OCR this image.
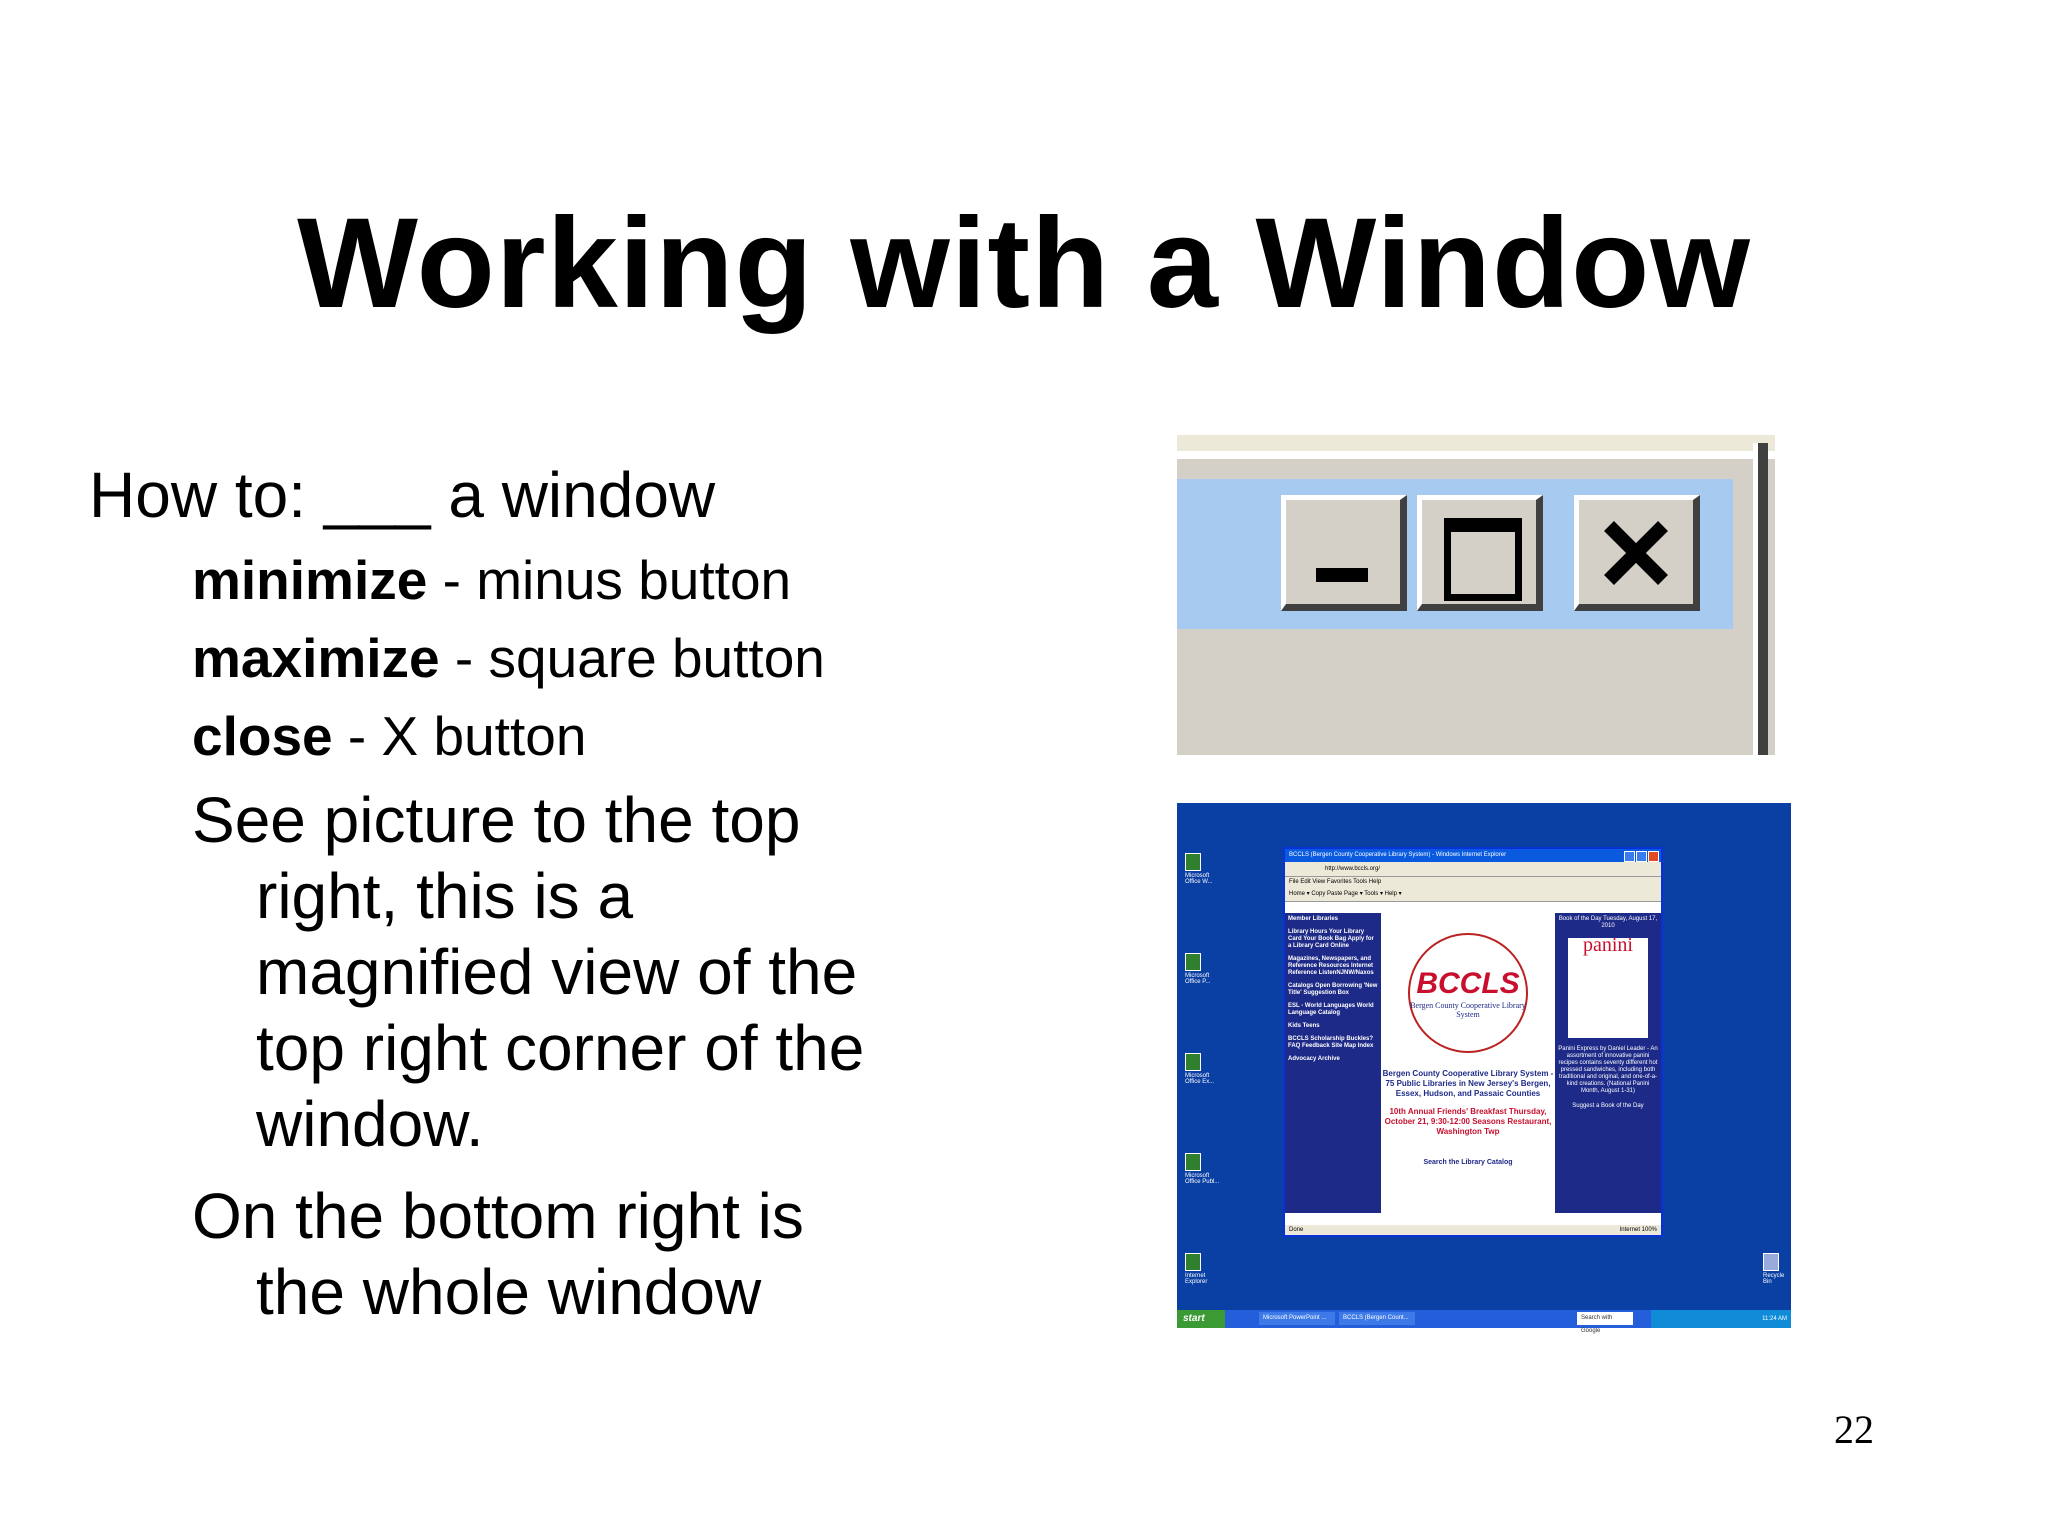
Working with a Window
How to: ___ a window
minimize - minus button
maximize - square button
close - X button
See picture to the top
right, this is a
magnified view of the
top right corner of the
window.
On the bottom right is
the whole window
Microsoft Office W...
Microsoft Office P...
Microsoft Office Ex...
Microsoft Office Publ...
Internet Explorer
Recycle Bin
BCCLS (Bergen County Cooperative Library System) - Windows Internet Explorer
http://www.bccls.org/
File Edit View Favorites Tools Help
Home ▾ Copy Paste Page ▾ Tools ▾ Help ▾
Member Libraries
Library Hours Your Library Card Your Book Bag Apply for a Library Card Online
Magazines, Newspapers, and Reference Resources Internet Reference ListenNJNW/Naxos
Catalogs Open Borrowing 'New Title' Suggestion Box
ESL - World Languages World Language Catalog
Kids Teens
BCCLS Scholarship Buckles? FAQ Feedback Site Map Index
Advocacy Archive
BCCLS
Bergen County Cooperative Library System
Bergen County Cooperative Library System - 75 Public Libraries in New Jersey's Bergen, Essex, Hudson, and Passaic Counties
10th Annual Friends' Breakfast Thursday, October 21, 9:30-12:00 Seasons Restaurant, Washington Twp
Search the Library Catalog
Book of the Day Tuesday, August 17, 2010
panini
Panini Express by Daniel Leader - An assortment of innovative panini recipes contains seventy different hot pressed sandwiches, including both traditional and original, and one-of-a-kind creations. (National Panini Month, August 1-31)
Suggest a Book of the Day
Done	Internet 100%
start	Microsoft PowerPoint ...	BCCLS (Bergen Count...	Search with Google
11:24 AM
22
